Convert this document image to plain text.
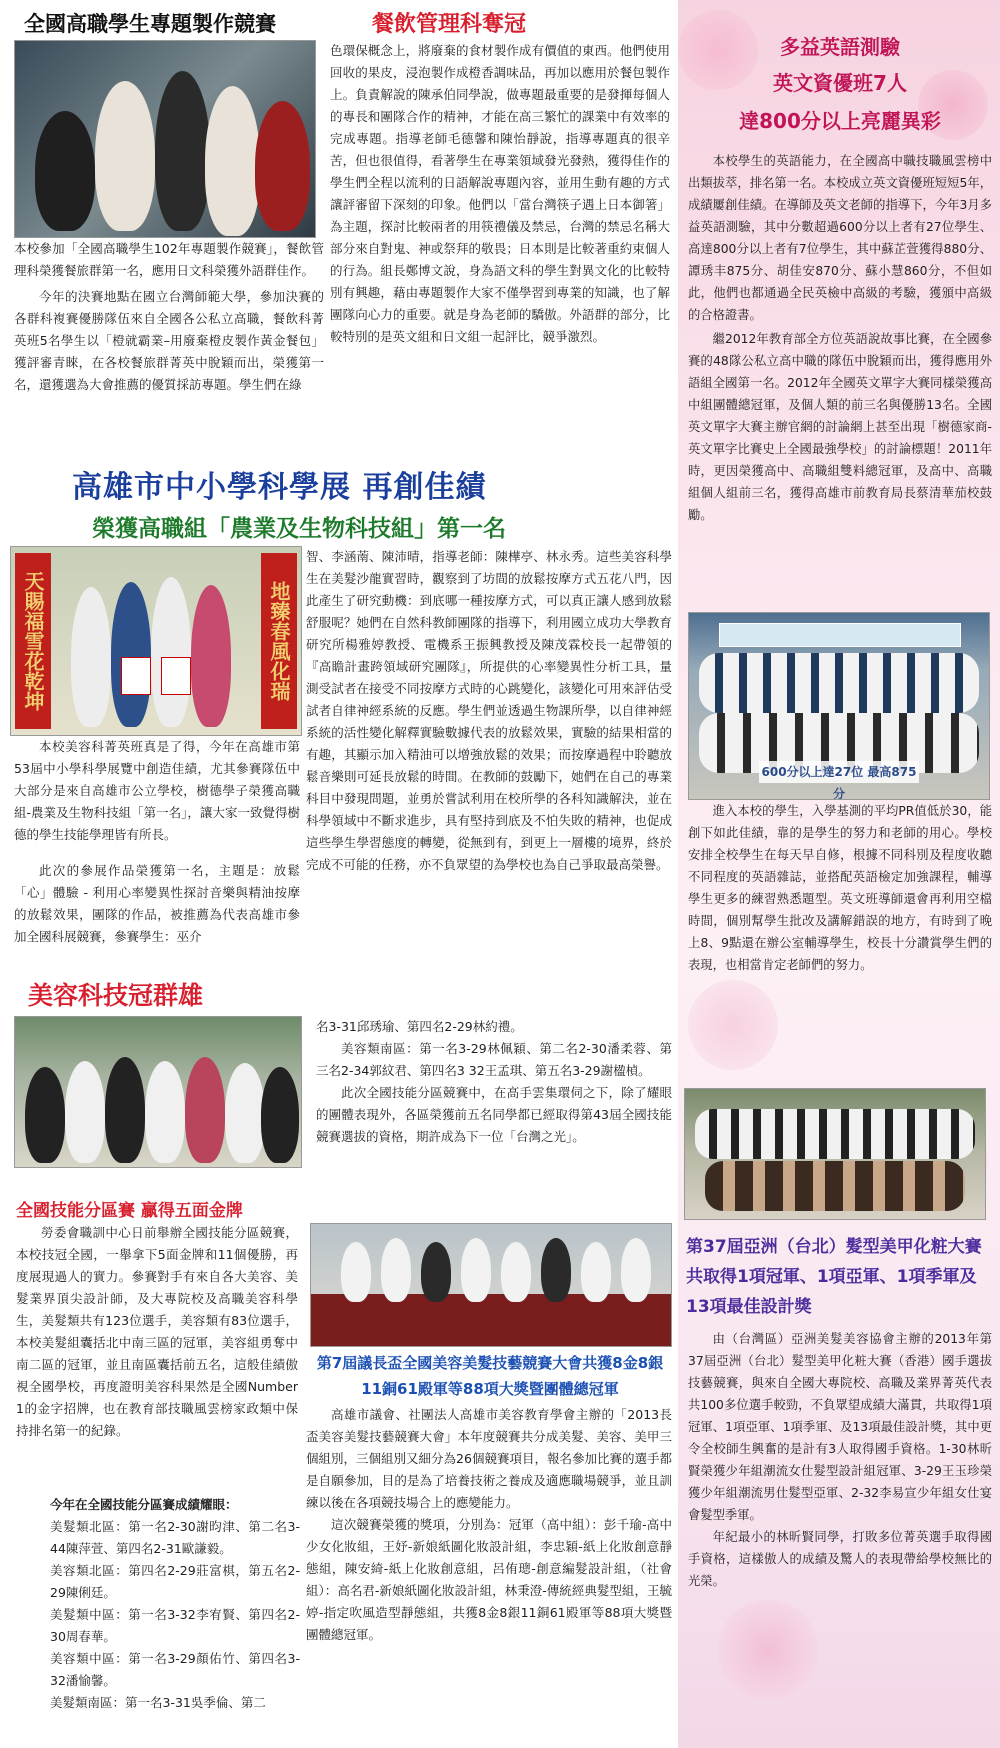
全國高職學生專題製作競賽	餐飲管理科奪冠

本校參加「全國高職學生102年專題製作競賽」，餐飲管理科榮獲餐旅群第一名，應用日文科榮獲外語群佳作。

今年的決賽地點在國立台灣師範大學，參加決賽的各群科複賽優勝隊伍來自全國各公私立高職，餐飲科菁英班5名學生以「橙就霸業–用廢棄橙皮製作黃金餐包」獲評審青睞，在各校餐旅群菁英中脫穎而出，榮獲第一名，還獲選為大會推薦的優質採訪專題。學生們在綠

色環保概念上，將廢棄的食材製作成有價值的東西。他們使用回收的果皮，浸泡製作成橙香調味品，再加以應用於餐包製作上。負責解說的陳承伯同學說，做專題最重要的是發揮每個人的專長和團隊合作的精神，才能在高三繁忙的課業中有效率的完成專題。指導老師毛德馨和陳怡靜說，指導專題真的很辛苦，但也很值得，看著學生在專業領域發光發熱，獲得佳作的學生們全程以流利的日語解說專題內容，並用生動有趣的方式讓評審留下深刻的印象。他們以「當台灣筷子遇上日本御箸」為主題，探討比較兩者的用筷禮儀及禁忌，台灣的禁忌名稱大部分來自對鬼、神或祭拜的敬畏；日本則是比較著重約束個人的行為。組長鄭博文說，身為語文科的學生對異文化的比較特別有興趣，藉由專題製作大家不僅學習到專業的知識，也了解團隊向心力的重要。就是身為老師的驕傲。外語群的部分，比較特別的是英文組和日文組一起評比，競爭激烈。

高雄市中小學科學展 再創佳績
榮獲高職組「農業及生物科技組」第一名
天賜福雪花乾坤	地臻春風化瑞

本校美容科菁英班真是了得，今年在高雄市第53屆中小學科學展覽中創造佳績，尤其參賽隊伍中大部分是來自高雄市公立學校，樹德學子榮獲高職組-農業及生物科技組「第一名」，讓大家一致覺得樹德的學生技能學理皆有所長。

此次的參展作品榮獲第一名，主題是：放鬆「心」體驗 - 利用心率變異性探討音樂與精油按摩的放鬆效果，團隊的作品，被推薦為代表高雄市參加全國科展競賽，參賽學生：巫介

智、李涵萳、陳沛晴，指導老師：陳樺亭、林永秀。這些美容科學生在美髮沙龍實習時，觀察到了坊間的放鬆按摩方式五花八門，因此產生了研究動機：到底哪一種按摩方式，可以真正讓人感到放鬆舒服呢？她們在自然科教師團隊的指導下，利用國立成功大學教育研究所楊雅婷教授、電機系王振興教授及陳茂霖校長一起帶領的『高瞻計畫跨領域研究團隊』，所提供的心率變異性分析工具，量測受試者在接受不同按摩方式時的心跳變化，該變化可用來評估受試者自律神經系統的反應。學生們並透過生物課所學，以自律神經系統的活性變化解釋實驗數據代表的放鬆效果，實驗的結果相當的有趣，其顯示加入精油可以增強放鬆的效果；而按摩過程中聆聽放鬆音樂則可延長放鬆的時間。在教師的鼓勵下，她們在自己的專業科目中發現問題，並勇於嘗試利用在校所學的各科知識解決，並在科學領域中不斷求進步，具有堅持到底及不怕失敗的精神，也促成這些學生學習態度的轉變，從無到有，到更上一層樓的境界，終於完成不可能的任務，亦不負眾望的為學校也為自己爭取最高榮譽。

美容科技冠群雄
全國技能分區賽 贏得五面金牌

勞委會職訓中心日前舉辦全國技能分區競賽，本校技冠全國，一舉拿下5面金牌和11個優勝，再度展現過人的實力。參賽對手有來自各大美容、美髮業界頂尖設計師，及大專院校及高職美容科學生，美髮類共有123位選手，美容類有83位選手，本校美髮組囊括北中南三區的冠軍，美容組勇奪中南二區的冠軍，並且南區囊括前五名，這般佳績傲視全國學校，再度證明美容科果然是全國Number 1的金字招牌，也在教育部技職風雲榜家政類中保持排名第一的紀錄。

今年在全國技能分區賽成績耀眼：

美髮類北區：第一名2-30謝昀津、第二名3-44陳萍萱、第四名2-31歐謙毅。

美容類北區：第四名2-29莊富棋，第五名2-29陳俐廷。

美髮類中區：第一名3-32李宥賢、第四名2-30周春華。

美容類中區：第一名3-29顏佑竹、第四名3-32潘愉馨。

美髮類南區：第一名3-31吳季倫、第二

名3-31邱琇瑜、第四名2-29林約禮。

美容類南區：第一名3-29林佩穎、第二名2-30潘柔蓉、第三名2-34郭紋君、第四名3 32王孟琪、第五名3-29謝楹楨。

此次全國技能分區競賽中，在高手雲集環伺之下，除了耀眼的團體表現外，各區榮獲前五名同學都已經取得第43屆全國技能競賽選拔的資格，期許成為下一位「台灣之光」。

第7屆議長盃全國美容美髮技藝競賽大會共獲8金8銀11銅61殿軍等88項大獎暨團體總冠軍

高雄市議會、社團法人高雄市美容教育學會主辦的「2013長盃美容美髮技藝競賽大會」本年度競賽共分成美髮、美容、美甲三個組別，三個組別又細分為26個競賽項目，報名參加比賽的選手都是自願參加，目的是為了培養技術之養成及適應職場競爭，並且訓練以後在各項競技場合上的應變能力。

這次競賽榮獲的獎項，分別為：冠軍（高中組）：彭千瑜-高中少女化妝組，王妤-新娘紙圖化妝設計組，李忠穎-紙上化妝創意靜態組，陳安綺-紙上化妝創意組，呂侑璁-創意編髮設計組，（社會組）：高名君-新娘紙圖化妝設計組，林秉澄-傳統經典髮型組，王毓婷-指定吹風造型靜態組，共獲8金8銀11銅61殿軍等88項大獎暨團體總冠軍。

多益英語測驗
英文資優班7人
達800分以上亮麗異彩

本校學生的英語能力，在全國高中職技職風雲榜中出類拔萃，排名第一名。本校成立英文資優班短短5年，成績屢創佳績。在導師及英文老師的指導下，今年3月多益英語測驗，其中分數超過600分以上者有27位學生、高達800分以上者有7位學生，其中蘇芷萱獲得880分、譚琇丰875分、胡佳安870分、蘇小慧860分，不但如此，他們也都通過全民英檢中高級的考驗，獲頒中高級的合格證書。

繼2012年教育部全方位英語說故事比賽，在全國參賽的48隊公私立高中職的隊伍中脫穎而出，獲得應用外語組全國第一名。2012年全國英文單字大賽同樣榮獲高中組團體總冠軍，及個人類的前三名與優勝13名。全國英文單字大賽主辦官網的討論網上甚至出現「樹德家商-英文單字比賽史上全國最強學校」的討論標題！2011年時，更因榮獲高中、高職組雙料總冠軍，及高中、高職組個人組前三名，獲得高雄市前教育局長蔡清華茄校鼓勵。

600分以上達27位 最高875分

進入本校的學生，入學基測的平均PR值低於30，能創下如此佳績，靠的是學生的努力和老師的用心。學校安排全校學生在每天早自修，根據不同科別及程度收聽不同程度的英語雜誌，並搭配英語檢定加強課程，輔導學生更多的練習熟悉題型。英文班導師還會再利用空檔時間，個別幫學生批改及講解錯誤的地方，有時到了晚上8、9點還在辦公室輔導學生，校長十分讚賞學生們的表現，也相當肯定老師們的努力。

第37屆亞洲（台北）髮型美甲化粧大賽共取得1項冠軍、1項亞軍、1項季軍及13項最佳設計獎

由（台灣區）亞洲美髮美容協會主辦的2013年第37屆亞洲（台北）髮型美甲化粧大賽（香港）國手選拔技藝競賽，與來自全國大專院校、高職及業界菁英代表共100多位選手較勁，不負眾望成績大滿貫，共取得1項冠軍、1項亞軍、1項季軍、及13項最佳設計獎，其中更令全校師生興奮的是計有3人取得國手資格。1-30林昕賢榮獲少年組潮流女仕髮型設計組冠軍、3-29王玉珍榮獲少年組潮流男仕髮型亞軍、2-32李易宣少年組女仕宴會髮型季軍。

年紀最小的林昕賢同學，打敗多位菁英選手取得國手資格，這樣傲人的成績及驚人的表現帶給學校無比的光榮。
